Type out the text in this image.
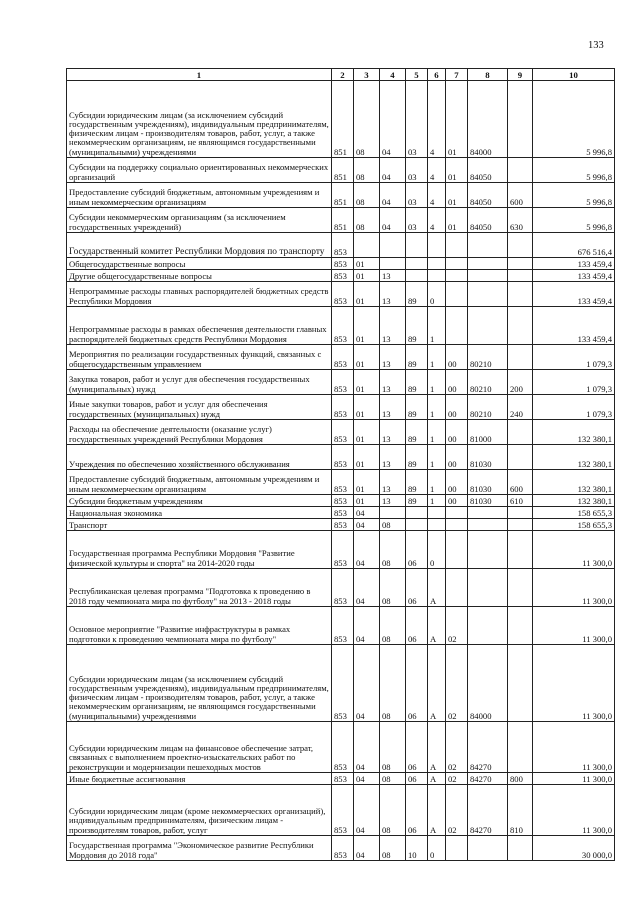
133
1	2	3	4	5	6	7	8	9	10
Субсидии юридическим лицам (за исключением субсидий государственным учреждениям), индивидуальным предпринимателям, физическим лицам - производителям товаров, работ, услуг, а также некоммерческим организациям, не являющимся государственными (муниципальными) учреждениями	851	08	04	03	4	01	84000		5 996,8
Субсидии на поддержку социально ориентированных некоммерческих организаций	851	08	04	03	4	01	84050		5 996,8
Предоставление субсидий бюджетным, автономным учреждениям и иным некоммерческим организациям	851	08	04	03	4	01	84050	600	5 996,8
Субсидии некоммерческим организациям (за исключением государственных учреждений)	851	08	04	03	4	01	84050	630	5 996,8
Государственный комитет Республики Мордовия по транспорту	853								676 516,4
Общегосударственные вопросы	853	01							133 459,4
Другие общегосударственные вопросы	853	01	13						133 459,4
Непрограммные расходы главных распорядителей бюджетных средств Республики Мордовия	853	01	13	89	0				133 459,4
Непрограммные расходы в рамках обеспечения деятельности главных распорядителей бюджетных средств Республики Мордовия	853	01	13	89	1				133 459,4
Мероприятия по реализации государственных функций, связанных с общегосударственным управлением	853	01	13	89	1	00	80210		1 079,3
Закупка товаров, работ и услуг для обеспечения государственных (муниципальных) нужд	853	01	13	89	1	00	80210	200	1 079,3
Иные закупки товаров, работ и услуг для обеспечения государственных (муниципальных) нужд	853	01	13	89	1	00	80210	240	1 079,3
Расходы на обеспечение деятельности (оказание услуг) государственных учреждений Республики Мордовия	853	01	13	89	1	00	81000		132 380,1
Учреждения по обеспечению хозяйственного обслуживания	853	01	13	89	1	00	81030		132 380,1
Предоставление субсидий бюджетным, автономным учреждениям и иным некоммерческим организациям	853	01	13	89	1	00	81030	600	132 380,1
Субсидии бюджетным учреждениям	853	01	13	89	1	00	81030	610	132 380,1
Национальная экономика	853	04							158 655,3
Транспорт	853	04	08						158 655,3
Государственная программа Республики Мордовия "Развитие физической культуры и спорта" на 2014-2020 годы	853	04	08	06	0				11 300,0
Республиканская целевая программа "Подготовка к проведению в 2018 году чемпионата мира по футболу" на 2013 - 2018 годы	853	04	08	06	А				11 300,0
Основное мероприятие "Развитие инфраструктуры в рамках подготовки к проведению чемпионата мира по футболу"	853	04	08	06	А	02			11 300,0
Субсидии юридическим лицам (за исключением субсидий государственным учреждениям), индивидуальным предпринимателям, физическим лицам - производителям товаров, работ, услуг, а также некоммерческим организациям, не являющимся государственными (муниципальными) учреждениями	853	04	08	06	А	02	84000		11 300,0
Субсидии юридическим лицам на финансовое обеспечение затрат, связанных с выполнением проектно-изыскательских работ по реконструкции и модернизации пешеходных мостов	853	04	08	06	А	02	84270		11 300,0
Иные бюджетные ассигнования	853	04	08	06	А	02	84270	800	11 300,0
Субсидии юридическим лицам (кроме некоммерческих организаций), индивидуальным предпринимателям, физическим лицам - производителям товаров, работ, услуг	853	04	08	06	А	02	84270	810	11 300,0
Государственная программа "Экономическое развитие Республики Мордовия до 2018 года"	853	04	08	10	0				30 000,0
